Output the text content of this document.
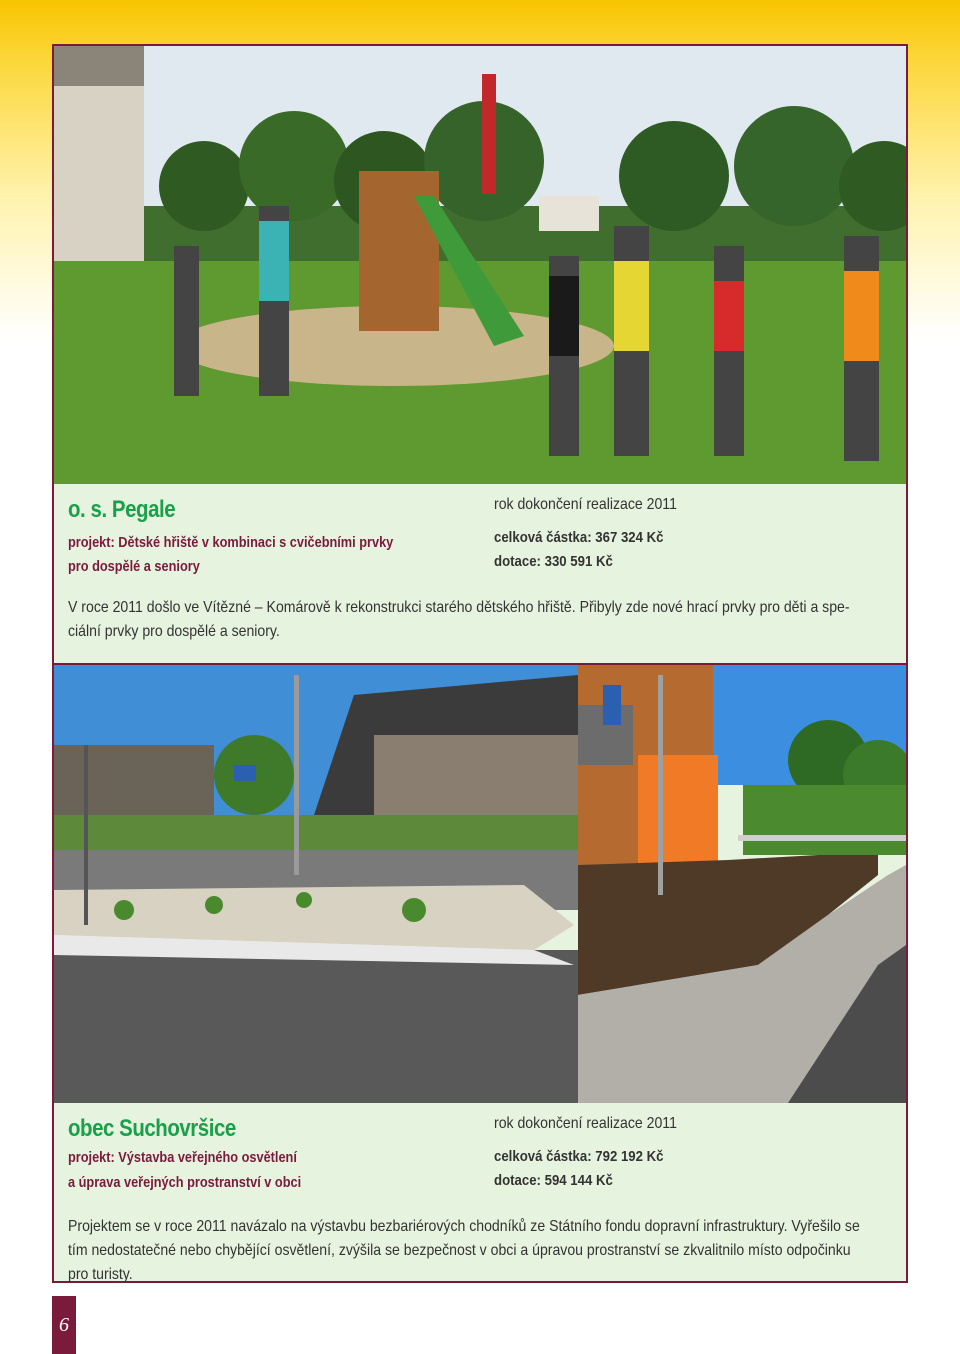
o. s. Pegale
projekt: Dětské hřiště v kombinaci s cvičebními prvky
pro dospělé a seniory
rok dokončení realizace 2011
celková částka: 367 324 Kč
dotace: 330 591 Kč
V roce 2011 došlo ve Vítězné – Komárově k rekonstrukci starého dětského hřiště. Přibyly zde nové hrací prvky pro děti a spe-
ciální prvky pro dospělé a seniory.
obec Suchovršice
projekt: Výstavba veřejného osvětlení
a úprava veřejných prostranství v obci
rok dokončení realizace 2011
celková částka: 792 192 Kč
dotace: 594 144 Kč
Projektem se v roce 2011 navázalo na výstavbu bezbariérových chodníků ze Státního fondu dopravní infrastruktury. Vyřešilo se
tím nedostatečné nebo chybějící osvětlení, zvýšila se bezpečnost v obci a úpravou prostranství se zkvalitnilo místo odpočinku
pro turisty.
6
